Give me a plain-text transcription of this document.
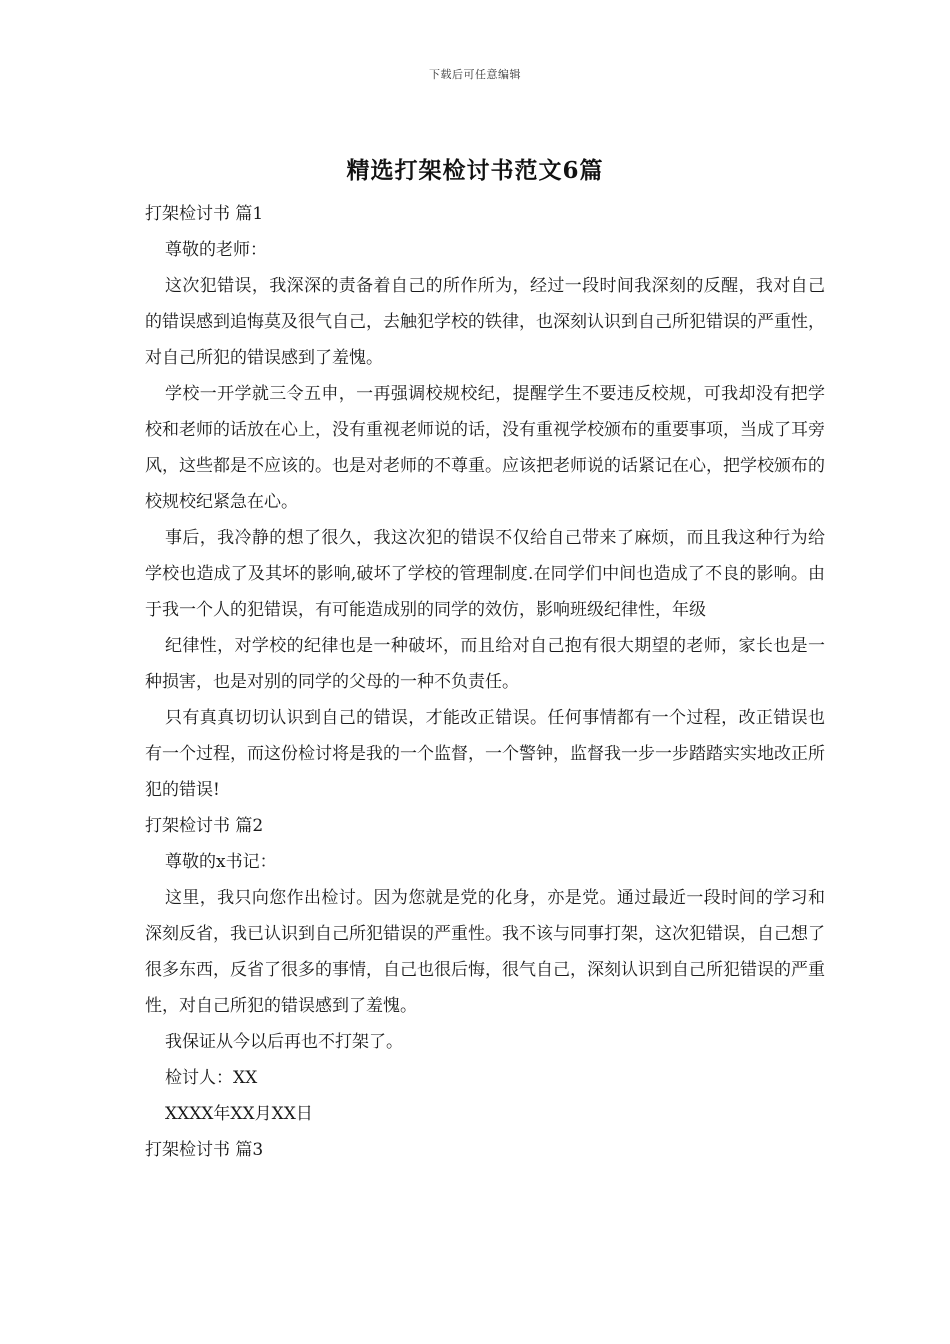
下载后可任意编辑
精选打架检讨书范文6篇

打架检讨书 篇1

尊敬的老师：

这次犯错误，我深深的责备着自己的所作所为，经过一段时间我深刻的反醒，我对自己的错误感到追悔莫及很气自己，去触犯学校的铁律，也深刻认识到自己所犯错误的严重性，对自己所犯的错误感到了羞愧。

学校一开学就三令五申，一再强调校规校纪，提醒学生不要违反校规，可我却没有把学校和老师的话放在心上，没有重视老师说的话，没有重视学校颁布的重要事项，当成了耳旁风，这些都是不应该的。也是对老师的不尊重。应该把老师说的话紧记在心，把学校颁布的校规校纪紧急在心。

事后，我冷静的想了很久，我这次犯的错误不仅给自己带来了麻烦，而且我这种行为给学校也造成了及其坏的影响,破坏了学校的管理制度.在同学们中间也造成了不良的影响。由于我一个人的犯错误，有可能造成别的同学的效仿，影响班级纪律性，年级

纪律性，对学校的纪律也是一种破坏，而且给对自己抱有很大期望的老师，家长也是一种损害，也是对别的同学的父母的一种不负责任。

只有真真切切认识到自己的错误，才能改正错误。任何事情都有一个过程，改正错误也有一个过程，而这份检讨将是我的一个监督，一个警钟，监督我一步一步踏踏实实地改正所犯的错误!

打架检讨书 篇2

尊敬的x书记：

这里，我只向您作出检讨。因为您就是党的化身，亦是党。通过最近一段时间的学习和深刻反省，我已认识到自己所犯错误的严重性。我不该与同事打架，这次犯错误，自己想了很多东西，反省了很多的事情，自己也很后悔，很气自己，深刻认识到自己所犯错误的严重性，对自己所犯的错误感到了羞愧。

我保证从今以后再也不打架了。

检讨人：XX

XXXX年XX月XX日

打架检讨书 篇3
